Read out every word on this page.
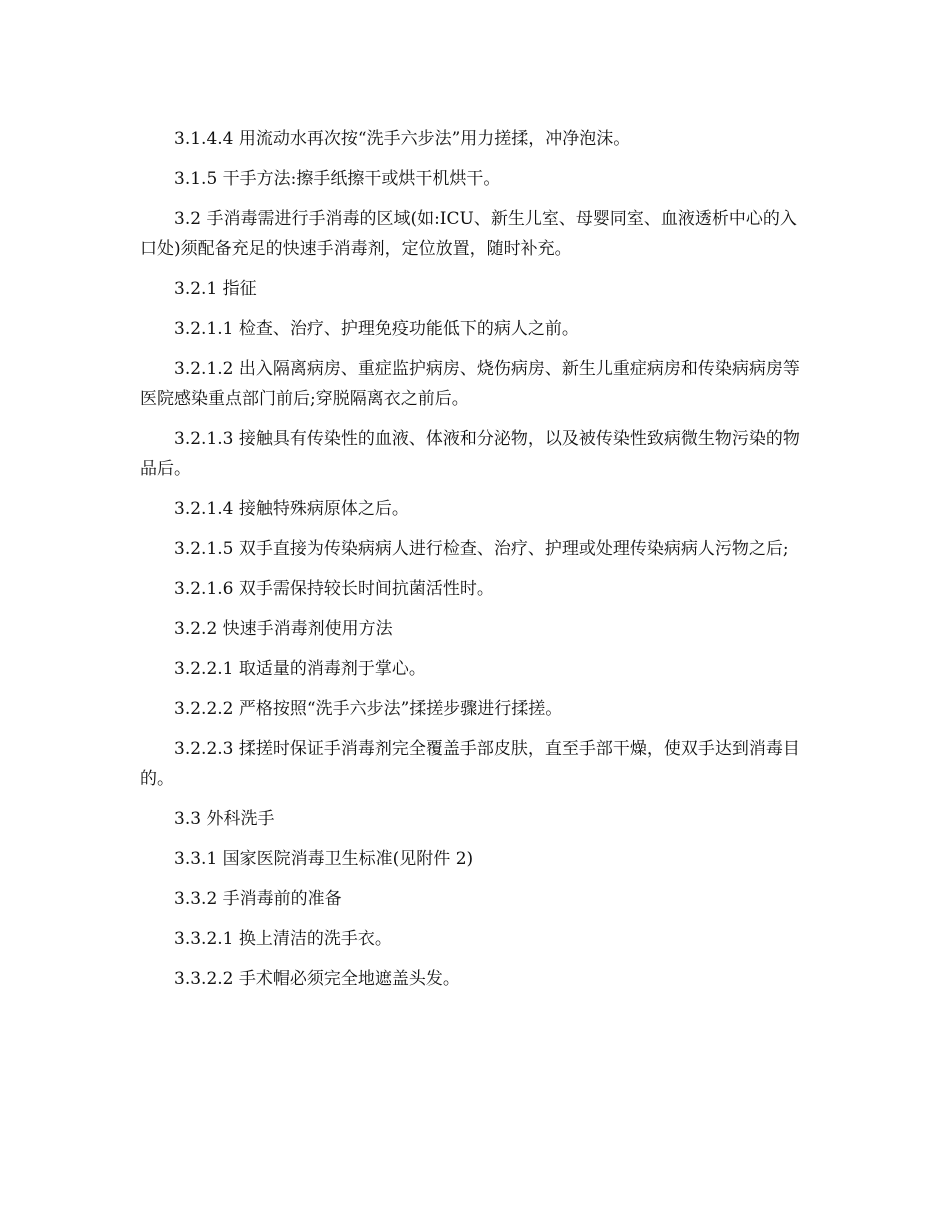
3.1.4.4 用流动水再次按“洗手六步法”用力搓揉，冲净泡沫。

3.1.5 干手方法:擦手纸擦干或烘干机烘干。

3.2 手消毒需进行手消毒的区域(如:ICU、新生儿室、母婴同室、血液透析中心的入口处)须配备充足的快速手消毒剂，定位放置，随时补充。

3.2.1 指征

3.2.1.1 检查、治疗、护理免疫功能低下的病人之前。

3.2.1.2 出入隔离病房、重症监护病房、烧伤病房、新生儿重症病房和传染病病房等医院感染重点部门前后;穿脱隔离衣之前后。

3.2.1.3 接触具有传染性的血液、体液和分泌物，以及被传染性致病微生物污染的物品后。

3.2.1.4 接触特殊病原体之后。

3.2.1.5 双手直接为传染病病人进行检查、治疗、护理或处理传染病病人污物之后;

3.2.1.6 双手需保持较长时间抗菌活性时。

3.2.2 快速手消毒剂使用方法

3.2.2.1 取适量的消毒剂于掌心。

3.2.2.2 严格按照“洗手六步法”揉搓步骤进行揉搓。

3.2.2.3 揉搓时保证手消毒剂完全覆盖手部皮肤，直至手部干燥，使双手达到消毒目的。

3.3 外科洗手

3.3.1 国家医院消毒卫生标准(见附件 2)

3.3.2 手消毒前的准备

3.3.2.1 换上清洁的洗手衣。

3.3.2.2 手术帽必须完全地遮盖头发。
